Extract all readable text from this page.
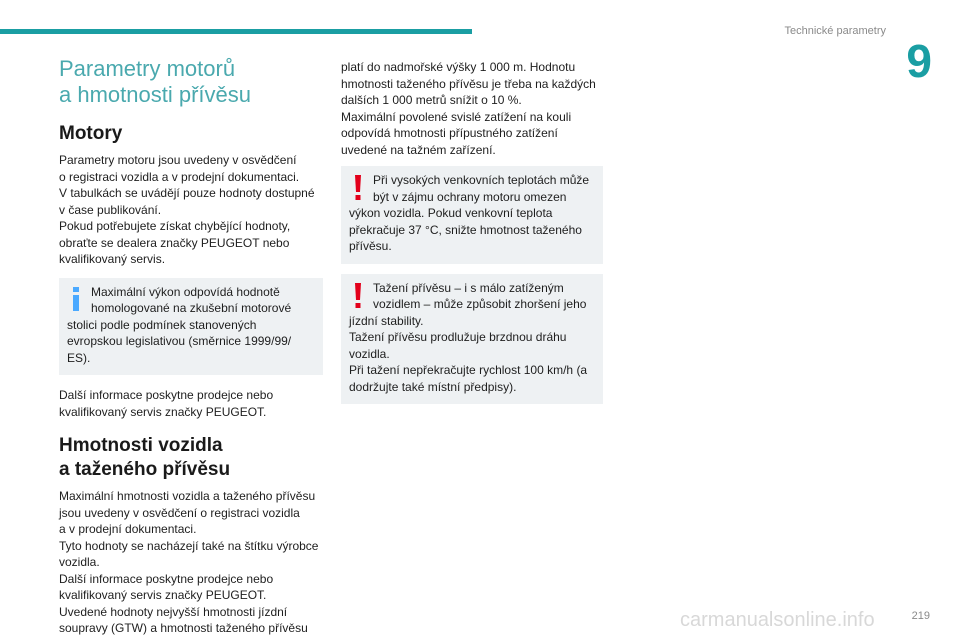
Technické parametry
9
Parametry motorů
a hmotnosti přívěsu
Motory
Parametry motoru jsou uvedeny v osvědčení
o registraci vozidla a v prodejní dokumentaci.
V tabulkách se uvádějí pouze hodnoty dostupné
v čase publikování.
Pokud potřebujete získat chybějící hodnoty,
obraťte se dealera značky PEUGEOT nebo
kvalifikovaný servis.
Maximální výkon odpovídá hodnotě
homologované na zkušební motorové
stolici podle podmínek stanovených
evropskou legislativou (směrnice 1999/99/
ES).
Další informace poskytne prodejce nebo
kvalifikovaný servis značky PEUGEOT.
Hmotnosti vozidla
a taženého přívěsu
Maximální hmotnosti vozidla a taženého přívěsu
jsou uvedeny v osvědčení o registraci vozidla
a v prodejní dokumentaci.
Tyto hodnoty se nacházejí také na štítku výrobce
vozidla.
Další informace poskytne prodejce nebo
kvalifikovaný servis značky PEUGEOT.
Uvedené hodnoty nejvyšší hmotnosti jízdní
soupravy (GTW) a hmotnosti taženého přívěsu
platí do nadmořské výšky 1 000 m. Hodnotu
hmotnosti taženého přívěsu je třeba na každých
dalších 1 000 metrů snížit o 10 %.
Maximální povolené svislé zatížení na kouli
odpovídá hmotnosti přípustného zatížení
uvedené na tažném zařízení.
Při vysokých venkovních teplotách může
být v zájmu ochrany motoru omezen
výkon vozidla. Pokud venkovní teplota
překračuje 37 °C, snižte hmotnost taženého
přívěsu.
Tažení přívěsu – i s málo zatíženým
vozidlem – může způsobit zhoršení jeho
jízdní stability.
Tažení přívěsu prodlužuje brzdnou dráhu
vozidla.
Při tažení nepřekračujte rychlost 100 km/h (a
dodržujte také místní předpisy).
carmanualsonline.info	219
